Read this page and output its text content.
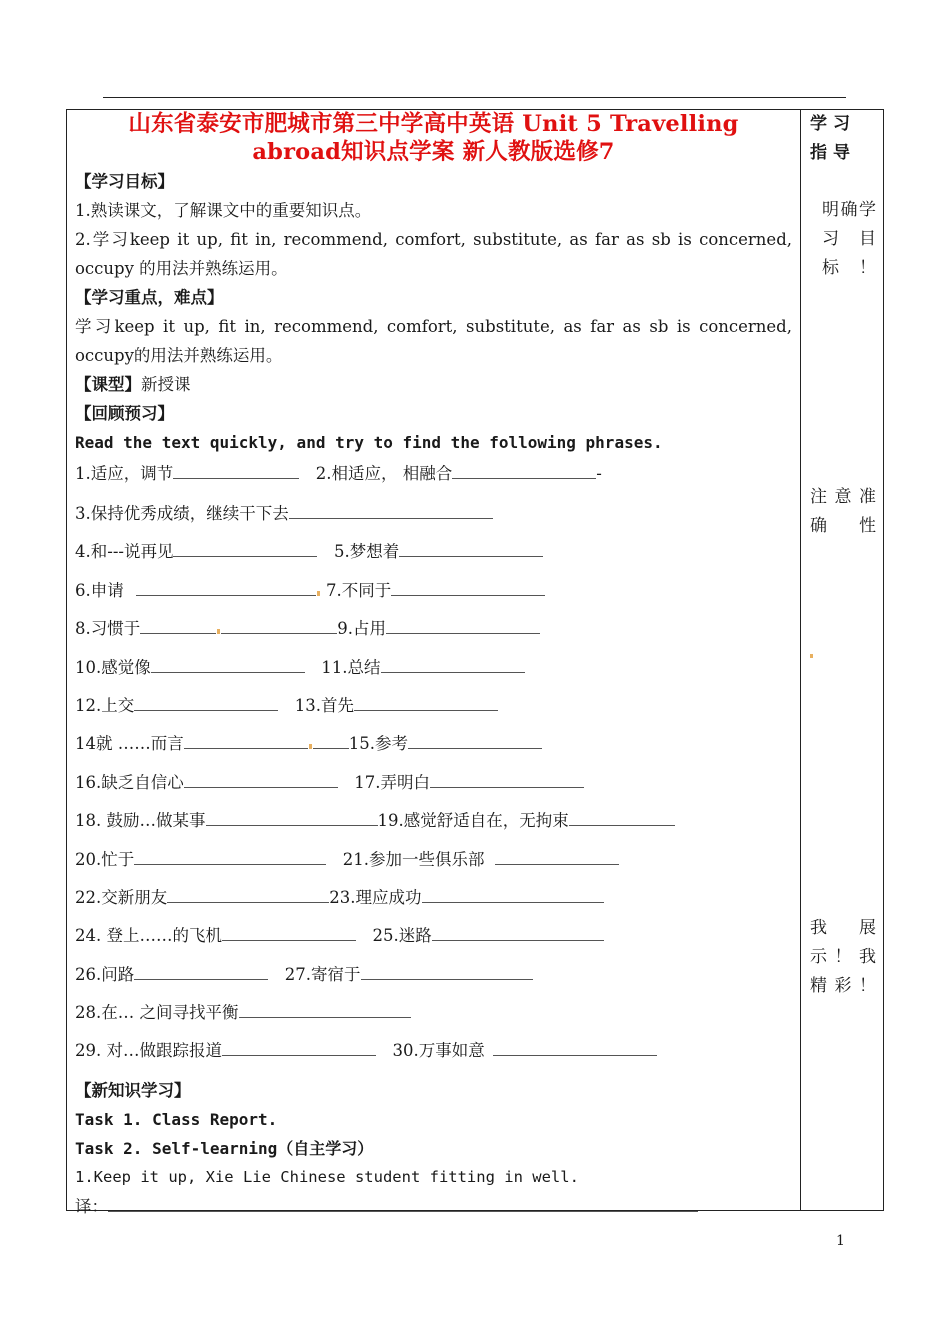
山东省泰安市肥城市第三中学高中英语 Unit 5 Travelling
abroad知识点学案 新人教版选修7
【学习目标】
1.熟读课文，了解课文中的重要知识点。
2.学习keep it up, fit in, recommend, comfort, substitute, as far as sb is concerned, occupy 的用法并熟练运用。
【学习重点，难点】
学习keep it up, fit in, recommend, comfort, substitute, as far as sb is concerned, occupy的用法并熟练运用。
【课型】新授课
【回顾预习】
Read the text quickly, and try to find the following phrases.
1.适应，调节	2.相适应， 相融合	-
3.保持优秀成绩，继续干下去
4.和---说再见	5.梦想着
6.申请	7.不同于
8.习惯于	9.占用
10.感觉像	11.总结
12.上交	13.首先
14就 ……而言	15.参考
16.缺乏自信心	17.弄明白
18. 鼓励…做某事	19.感觉舒适自在，无拘束
20.忙于	21.参加一些俱乐部
22.交新朋友	23.理应成功
24. 登上……的飞机	25.迷路
26.问路	27.寄宿于
28.在… 之间寻找平衡
29. 对…做跟踪报道	30.万事如意
【新知识学习】
Task 1. Class Report.
Task 2. Self-learning（自主学习）
1.Keep it up, Xie Lie Chinese student fitting in well.
译：
学习指导
明确学习目标！
注意准确性
我展示！我精彩！
1
